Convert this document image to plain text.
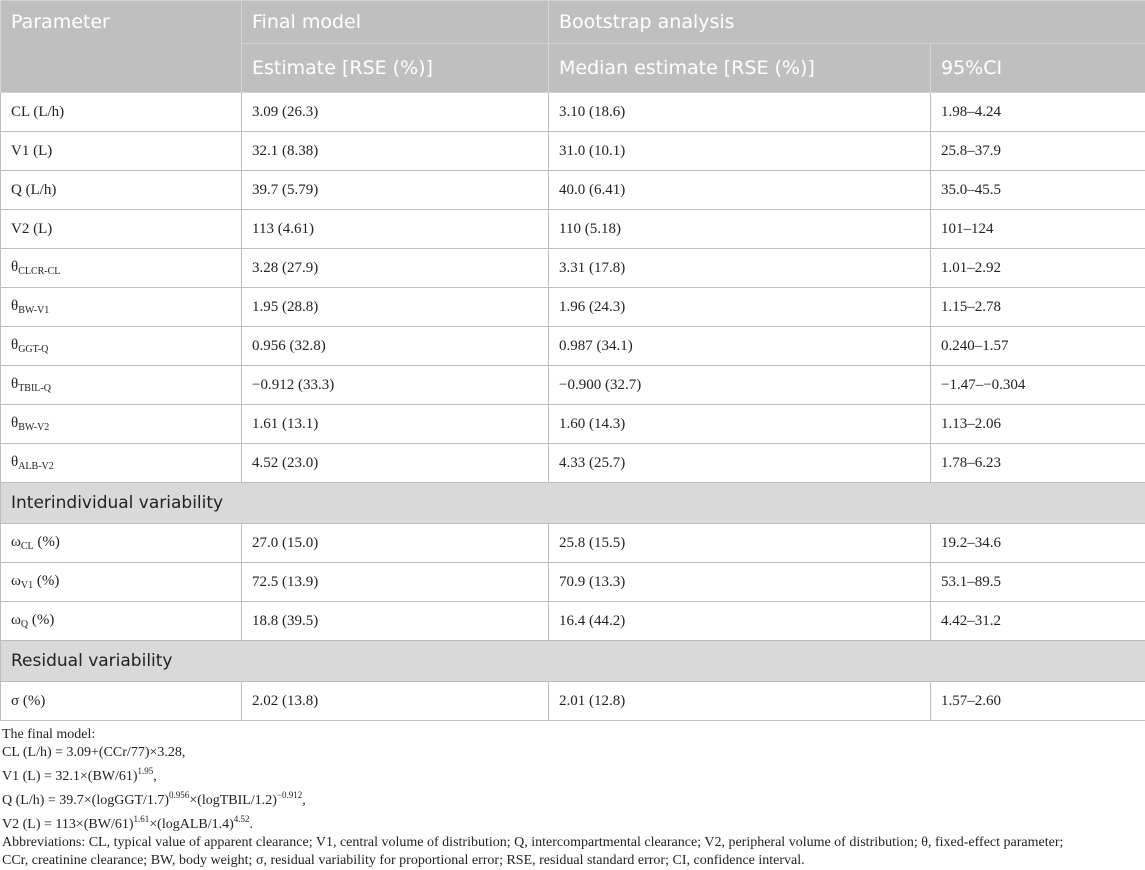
Parameter	Final model	Bootstrap analysis	
	Estimate [RSE (%)]	Median estimate [RSE (%)]	95%CI
CL (L/h)	3.09 (26.3)	3.10 (18.6)	1.98–4.24
V1 (L)	32.1 (8.38)	31.0 (10.1)	25.8–37.9
Q (L/h)	39.7 (5.79)	40.0 (6.41)	35.0–45.5
V2 (L)	113 (4.61)	110 (5.18)	101–124
$\theta_{CLCR-CL}$	3.28 (27.9)	3.31 (17.8)	1.01–2.92
$\theta_{BW-V1}$	1.95 (28.8)	1.96 (24.3)	1.15–2.78
$\theta_{GGT-Q}$	0.956 (32.8)	0.987 (34.1)	0.240–1.57
$\theta_{TBIL-Q}$	−0.912 (33.3)	−0.900 (32.7)	−1.47–−0.304
$\theta_{BW-V2}$	1.61 (13.1)	1.60 (14.3)	1.13–2.06
$\theta_{ALB-V2}$	4.52 (23.0)	4.33 (25.7)	1.78–6.23
Interindividual variability			
$\omega_{CL}$ (%)	27.0 (15.0)	25.8 (15.5)	19.2–34.6
$\omega_{V1}$ (%)	72.5 (13.9)	70.9 (13.3)	53.1–89.5
$\omega_Q$ (%)	18.8 (39.5)	16.4 (44.2)	4.42–31.2
Residual variability			
σ (%)	2.02 (13.8)	2.01 (12.8)	1.57–2.60
The final model:
CL (L/h) = 3.09+(CCr/77)×3.28,
V1 $(L) = 32.1\times(BW/61)^{1.95}$,
Q (L/h) = 39.7×(logGGT/1.7)$^{0.956}$×(logTBIL/1.2)$^{-0.912}$,
V2 $(L) = 113\times(BW/61)^{1.61}\times(logALB/1.4)^{4.52}$.
Abbreviations: CL, typical value of apparent clearance; V1, central volume of distribution; Q, intercompartmental clearance; V2, peripheral volume of distribution; θ, fixed-effect parameter;
CCr, creatinine clearance; BW, body weight; σ, residual variability for proportional error; RSE, residual standard error; CI, confidence interval.
